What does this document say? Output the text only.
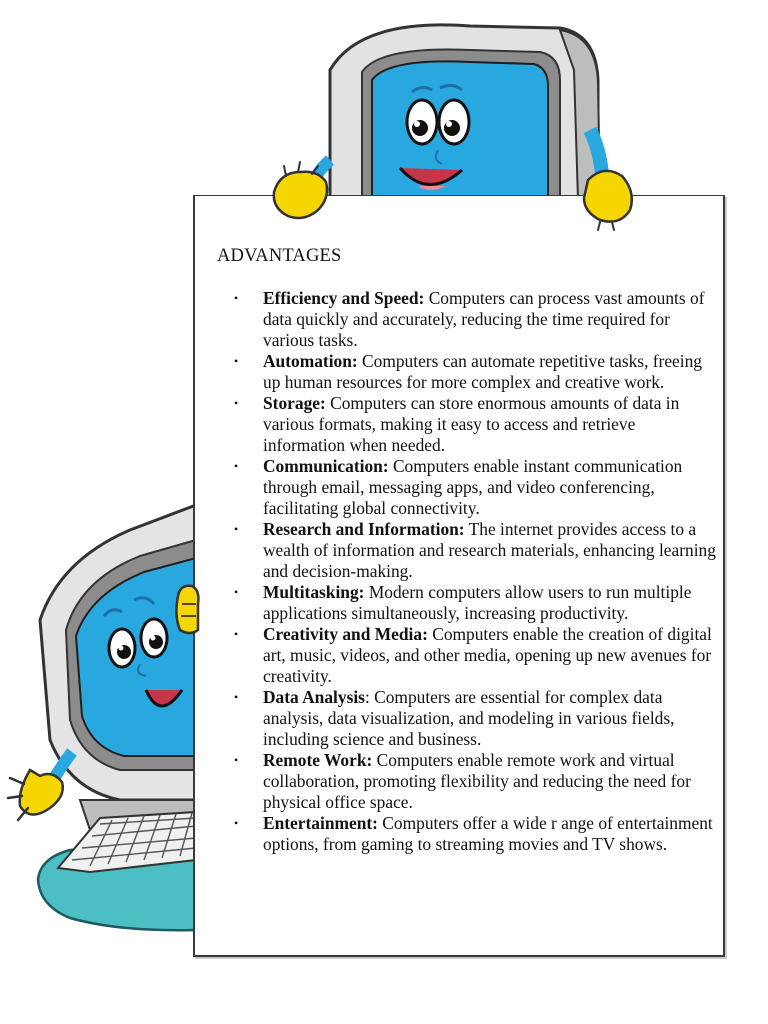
ADVANTAGES
• Efficiency and Speed: Computers can process vast amounts of data quickly and accurately, reducing the time required for various tasks.
• Automation: Computers can automate repetitive tasks, freeing up human resources for more complex and creative work.
• Storage: Computers can store enormous amounts of data in various formats, making it easy to access and retrieve information when needed.
• Communication: Computers enable instant communication through email, messaging apps, and video conferencing, facilitating global connectivity.
• Research and Information: The internet provides access to a wealth of information and research materials, enhancing learning and decision-making.
• Multitasking: Modern computers allow users to run multiple applications simultaneously, increasing productivity.
• Creativity and Media: Computers enable the creation of digital art, music, videos, and other media, opening up new avenues for creativity.
• Data Analysis: Computers are essential for complex data analysis, data visualization, and modeling in various fields, including science and business.
• Remote Work: Computers enable remote work and virtual collaboration, promoting flexibility and reducing the need for physical office space.
• Entertainment: Computers offer a wide r ange of entertainment options, from gaming to streaming movies and TV shows.
